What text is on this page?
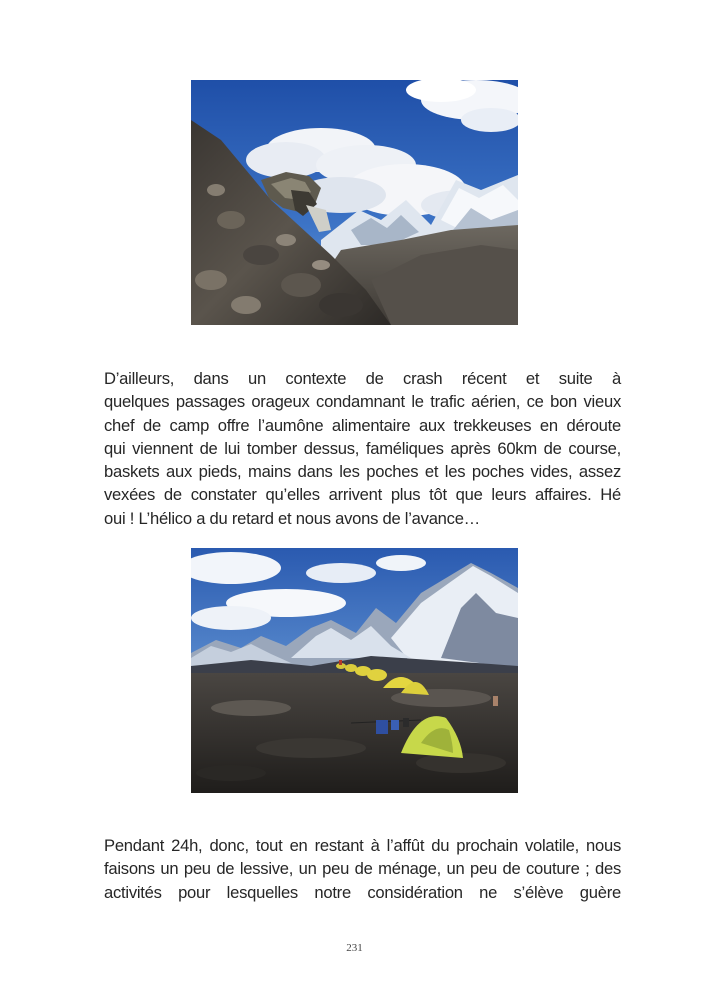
D’ailleurs, dans un contexte de crash récent et suite à
quelques passages orageux condamnant le trafic aérien, ce bon vieux
chef de camp offre l’aumône alimentaire aux trekkeuses en déroute
qui viennent de lui tomber dessus, faméliques après 60km de course,
baskets aux pieds, mains dans les poches et les poches vides, assez
vexées de constater qu’elles arrivent plus tôt que leurs affaires. Hé
oui ! L’hélico a du retard et nous avons de l’avance…

Pendant 24h, donc, tout en restant à l’affût du prochain volatile, nous
faisons un peu de lessive, un peu de ménage, un peu de couture ; des
activités pour lesquelles notre considération ne s’élève guère

231
